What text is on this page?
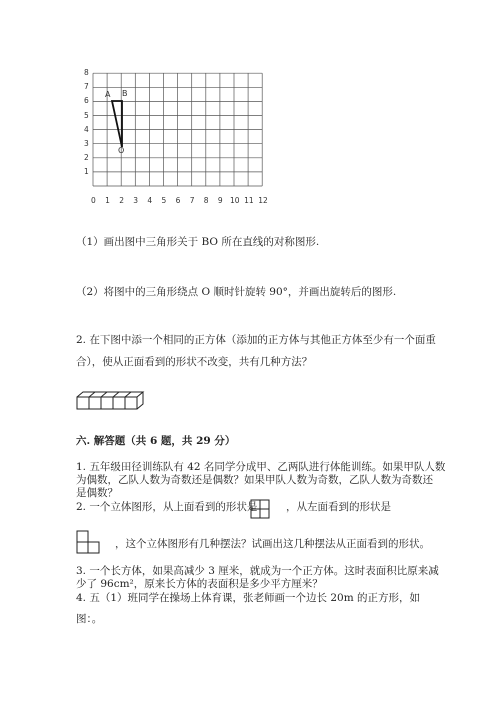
8
7
6
5
4
3
2
1
0 1 2 3 4 5 6 7 8 9 10 11 12
A B
O
（1）画出图中三角形关于 BO 所在直线的对称图形.
（2）将图中的三角形绕点 O 顺时针旋转 90°，并画出旋转后的图形.
2. 在下图中添一个相同的正方体（添加的正方体与其他正方体至少有一个面重
合），使从正面看到的形状不改变，共有几种方法？
六. 解答题（共 6 题，共 29 分）
1. 五年级田径训练队有 42 名同学分成甲、乙两队进行体能训练。如果甲队人数
为偶数，乙队人数为奇数还是偶数？如果甲队人数为奇数，乙队人数为奇数还
是偶数？
2. 一个立体图形，从上面看到的形状是	，从左面看到的形状是
，这个立体图形有几种摆法？试画出这几种摆法从正面看到的形状。
3. 一个长方体，如果高减少 3 厘米，就成为一个正方体。这时表面积比原来减
少了 96cm²，原来长方体的表面积是多少平方厘米？
4. 五（1）班同学在操场上体育课，张老师画一个边长 20m 的正方形，如
图：。
